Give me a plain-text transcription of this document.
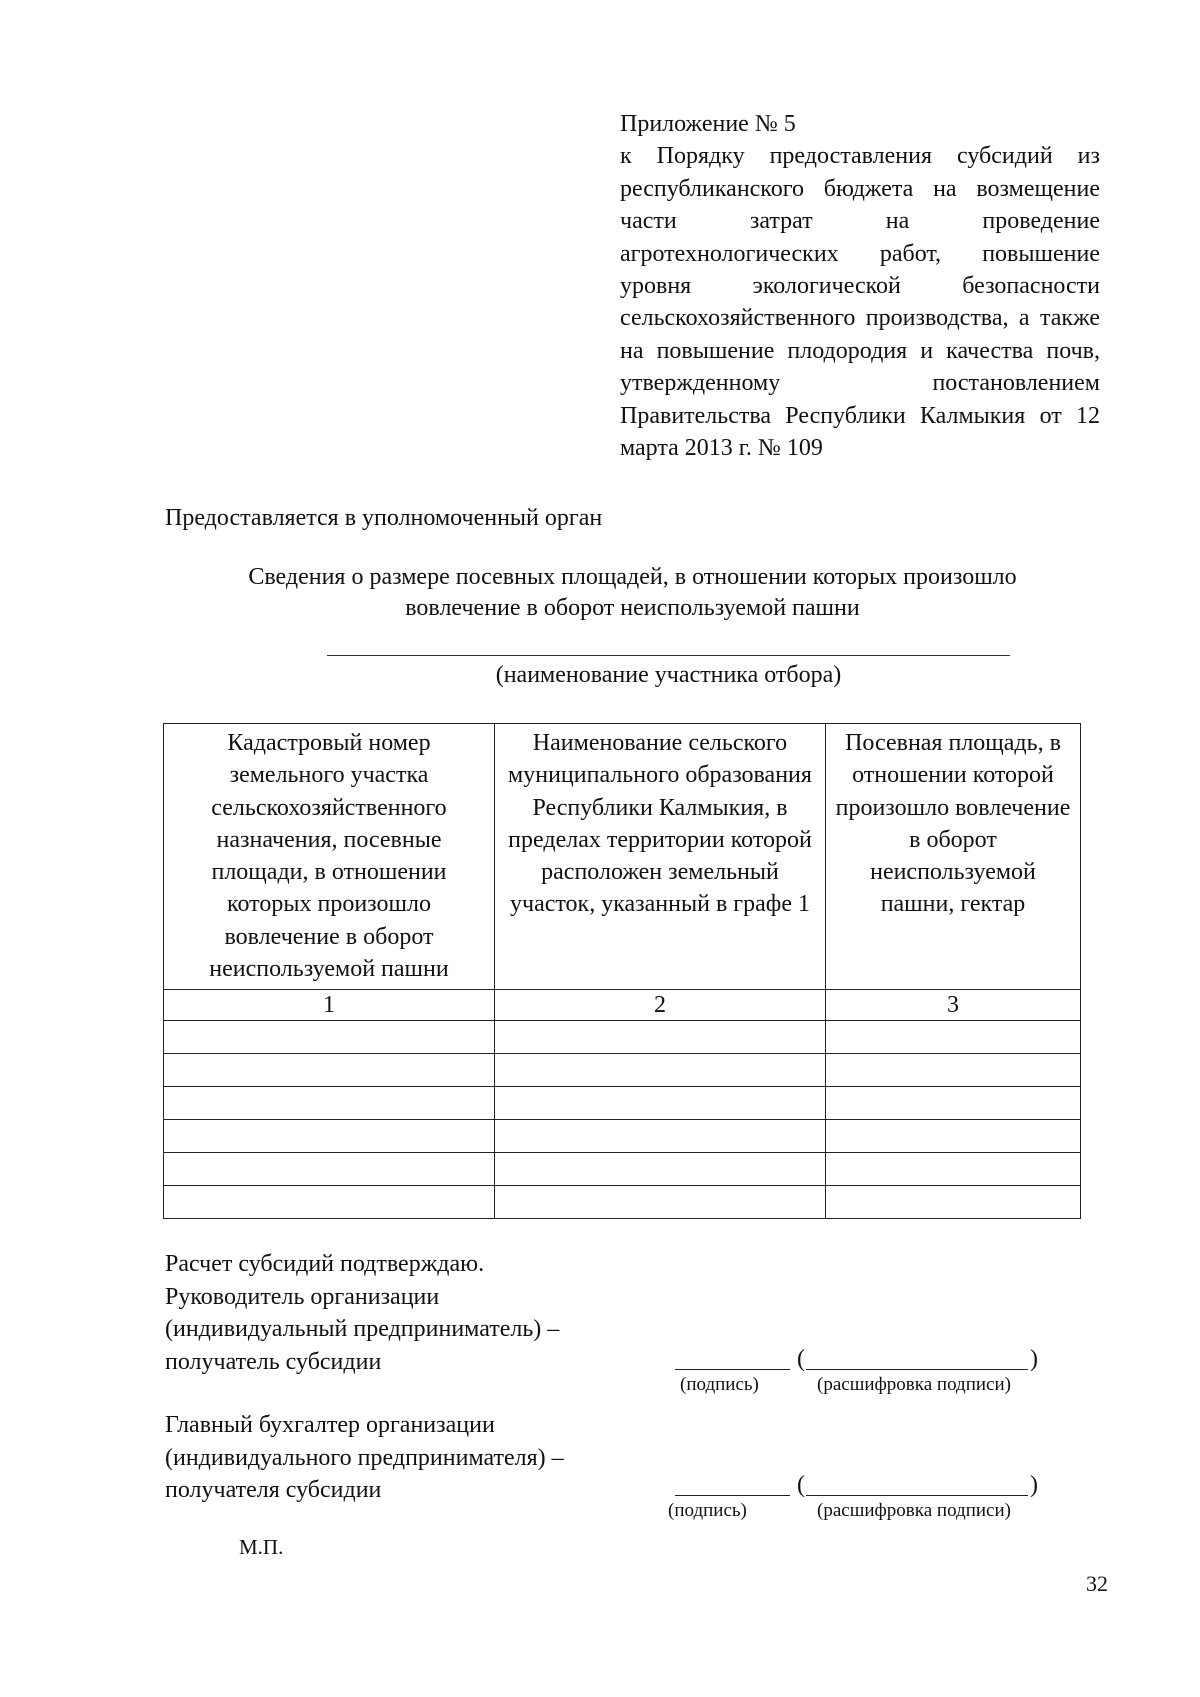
Приложение № 5
к Порядку предоставления субсидий из республиканского бюджета на возмещение части затрат на проведение агротехнологических работ, повышение уровня экологической безопасности сельскохозяйственного производства, а также на повышение плодородия и качества почв, утвержденному постановлением Правительства Республики Калмыкия от 12 марта 2013 г. № 109
Предоставляется в уполномоченный орган
Сведения о размере посевных площадей, в отношении которых произошло
вовлечение в оборот неиспользуемой пашни
(наименование участника отбора)
Кадастровый номер земельного участка сельскохозяйственного назначения, посевные площади, в отношении которых произошло вовлечение в оборот неиспользуемой пашни	Наименование сельского муниципального образования Республики Калмыкия, в пределах территории которой расположен земельный участок, указанный в графе 1	Посевная площадь, в отношении которой произошло вовлечение в оборот неиспользуемой пашни, гектар
1	2	3

Расчет субсидий подтверждаю.
Руководитель организации
(индивидуальный предприниматель) –
получатель субсидии	(	)
(подпись)	(расшифровка подписи)
Главный бухгалтер организации
(индивидуального предпринимателя) –
получателя субсидии	(	)
(подпись)	(расшифровка подписи)
М.П.
32
